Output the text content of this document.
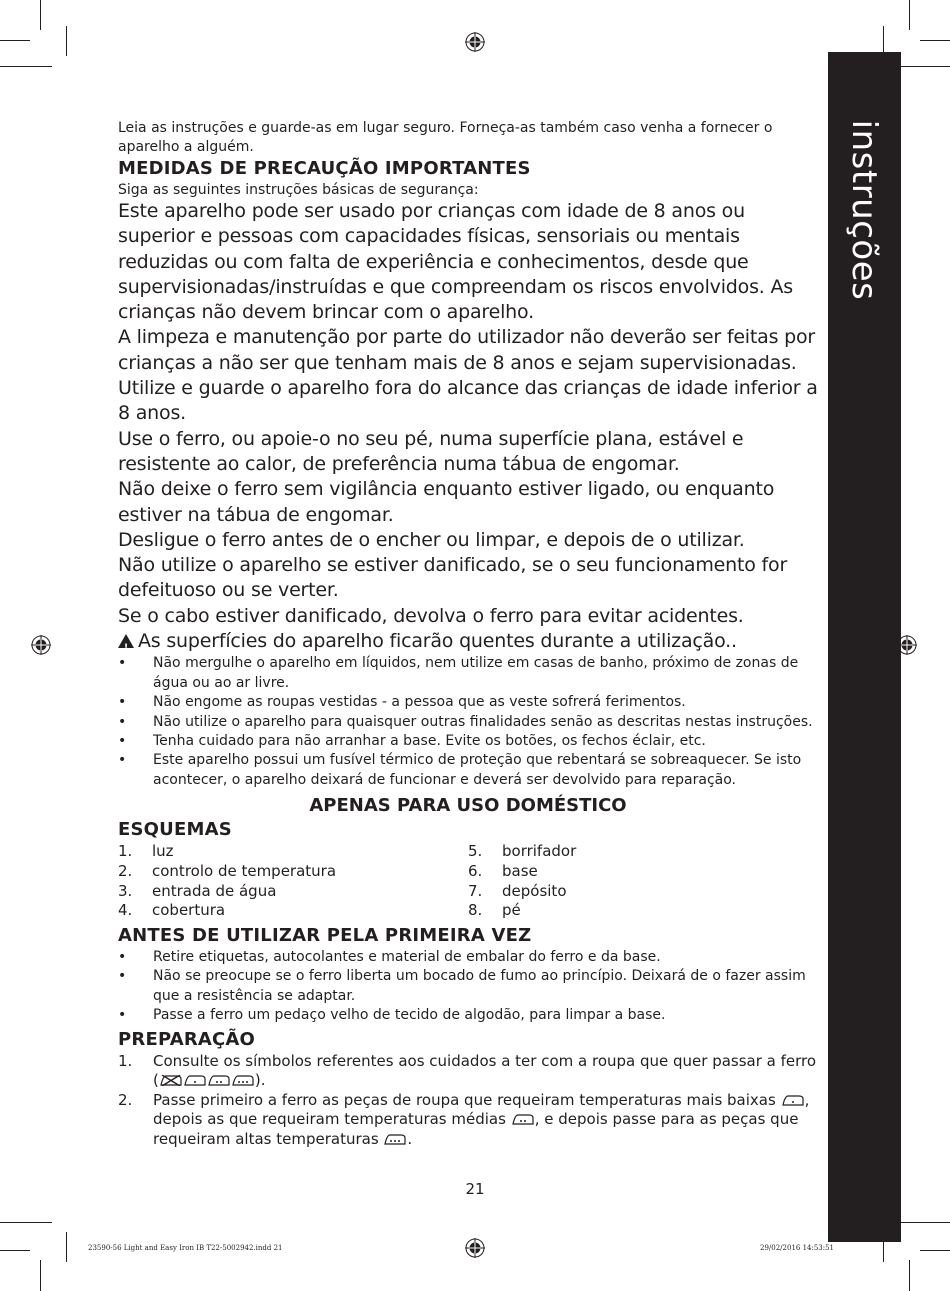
instruções

Leia as instruções e guarde-as em lugar seguro. Forneça-as também caso venha a fornecer o aparelho a alguém.

MEDIDAS DE PRECAUÇÃO IMPORTANTES

Siga as seguintes instruções básicas de segurança:

Este aparelho pode ser usado por crianças com idade de 8 anos ou superior e pessoas com capacidades físicas, sensoriais ou mentais reduzidas ou com falta de experiência e conhecimentos, desde que supervisionadas/instruídas e que compreendam os riscos envolvidos. As crianças não devem brincar com o aparelho.

A limpeza e manutenção por parte do utilizador não deverão ser feitas por crianças a não ser que tenham mais de 8 anos e sejam supervisionadas.

Utilize e guarde o aparelho fora do alcance das crianças de idade inferior a 8 anos.

Use o ferro, ou apoie-o no seu pé, numa superfície plana, estável e resistente ao calor, de preferência numa tábua de engomar.

Não deixe o ferro sem vigilância enquanto estiver ligado, ou enquanto estiver na tábua de engomar.

Desligue o ferro antes de o encher ou limpar, e depois de o utilizar.

Não utilize o aparelho se estiver danificado, se o seu funcionamento for defeituoso ou se verter.

Se o cabo estiver danificado, devolva o ferro para evitar acidentes.

!As superfícies do aparelho ficarão quentes durante a utilização..

• Não mergulhe o aparelho em líquidos, nem utilize em casas de banho, próximo de zonas de água ou ao ar livre.
• Não engome as roupas vestidas - a pessoa que as veste sofrerá ferimentos.
• Não utilize o aparelho para quaisquer outras finalidades senão as descritas nestas instruções.
• Tenha cuidado para não arranhar a base. Evite os botões, os fechos éclair, etc.
• Este aparelho possui um fusível térmico de proteção que rebentará se sobreaquecer. Se isto acontecer, o aparelho deixará de funcionar e deverá ser devolvido para reparação.
APENAS PARA USO DOMÉSTICO
ESQUEMAS
1.	luz
2.	controlo de temperatura
3.	entrada de água
4.	cobertura
5.	borrifador
6.	base
7.	depósito
8.	pé
ANTES DE UTILIZAR PELA PRIMEIRA VEZ
• Retire etiquetas, autocolantes e material de embalar do ferro e da base.
• Não se preocupe se o ferro liberta um bocado de fumo ao princípio. Deixará de o fazer assim que a resistência se adaptar.
• Passe a ferro um pedaço velho de tecido de algodão, para limpar a base.
PREPARAÇÃO
1. Consulte os símbolos referentes aos cuidados a ter com a roupa que quer passar a ferro (	).
2. Passe primeiro a ferro as peças de roupa que requeiram temperaturas mais baixas , depois as que requeiram temperaturas médias , e depois passe para as peças que requeiram altas temperaturas .
21
23590-56 Light and Easy Iron IB T22-5002942.indd 21	29/02/2016 14:53:51
